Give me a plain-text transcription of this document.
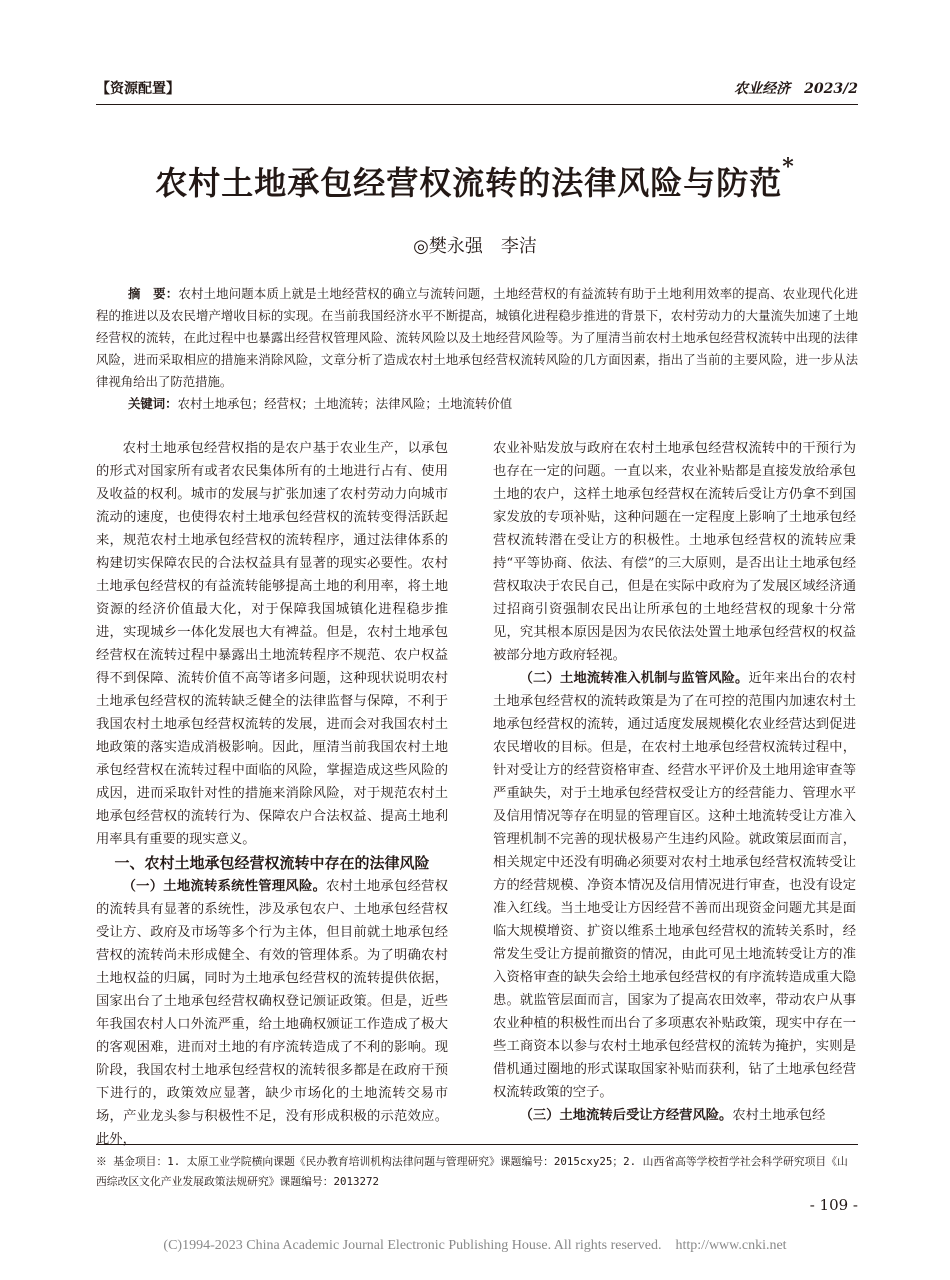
【资源配置】	农业经济　2023/2
农村土地承包经营权流转的法律风险与防范*
◎樊永强　李洁
摘　要：农村土地问题本质上就是土地经营权的确立与流转问题，土地经营权的有益流转有助于土地利用效率的提高、农业现代化进程的推进以及农民增产增收目标的实现。在当前我国经济水平不断提高，城镇化进程稳步推进的背景下，农村劳动力的大量流失加速了土地经营权的流转，在此过程中也暴露出经营权管理风险、流转风险以及土地经营风险等。为了厘清当前农村土地承包经营权流转中出现的法律风险，进而采取相应的措施来消除风险，文章分析了造成农村土地承包经营权流转风险的几方面因素，指出了当前的主要风险，进一步从法律视角给出了防范措施。
关键词：农村土地承包；经营权；土地流转；法律风险；土地流转价值

农村土地承包经营权指的是农户基于农业生产，以承包的形式对国家所有或者农民集体所有的土地进行占有、使用及收益的权利。城市的发展与扩张加速了农村劳动力向城市流动的速度，也使得农村土地承包经营权的流转变得活跃起来，规范农村土地承包经营权的流转程序，通过法律体系的构建切实保障农民的合法权益具有显著的现实必要性。农村土地承包经营权的有益流转能够提高土地的利用率，将土地资源的经济价值最大化，对于保障我国城镇化进程稳步推进，实现城乡一体化发展也大有裨益。但是，农村土地承包经营权在流转过程中暴露出土地流转程序不规范、农户权益得不到保障、流转价值不高等诸多问题，这种现状说明农村土地承包经营权的流转缺乏健全的法律监督与保障，不利于我国农村土地承包经营权流转的发展，进而会对我国农村土地政策的落实造成消极影响。因此，厘清当前我国农村土地承包经营权在流转过程中面临的风险，掌握造成这些风险的成因，进而采取针对性的措施来消除风险，对于规范农村土地承包经营权的流转行为、保障农户合法权益、提高土地利用率具有重要的现实意义。

一、农村土地承包经营权流转中存在的法律风险

（一）土地流转系统性管理风险。农村土地承包经营权的流转具有显著的系统性，涉及承包农户、土地承包经营权受让方、政府及市场等多个行为主体，但目前就土地承包经营权的流转尚未形成健全、有效的管理体系。为了明确农村土地权益的归属，同时为土地承包经营权的流转提供依据，国家出台了土地承包经营权确权登记颁证政策。但是，近些年我国农村人口外流严重，给土地确权颁证工作造成了极大的客观困难，进而对土地的有序流转造成了不利的影响。现阶段，我国农村土地承包经营权的流转很多都是在政府干预下进行的，政策效应显著，缺少市场化的土地流转交易市场，产业龙头参与积极性不足，没有形成积极的示范效应。此外，

农业补贴发放与政府在农村土地承包经营权流转中的干预行为也存在一定的问题。一直以来，农业补贴都是直接发放给承包土地的农户，这样土地承包经营权在流转后受让方仍拿不到国家发放的专项补贴，这种问题在一定程度上影响了土地承包经营权流转潜在受让方的积极性。土地承包经营权的流转应秉持“平等协商、依法、有偿”的三大原则，是否出让土地承包经营权取决于农民自己，但是在实际中政府为了发展区域经济通过招商引资强制农民出让所承包的土地经营权的现象十分常见，究其根本原因是因为农民依法处置土地承包经营权的权益被部分地方政府轻视。

（二）土地流转准入机制与监管风险。近年来出台的农村土地承包经营权的流转政策是为了在可控的范围内加速农村土地承包经营权的流转，通过适度发展规模化农业经营达到促进农民增收的目标。但是，在农村土地承包经营权流转过程中，针对受让方的经营资格审查、经营水平评价及土地用途审查等严重缺失，对于土地承包经营权受让方的经营能力、管理水平及信用情况等存在明显的管理盲区。这种土地流转受让方准入管理机制不完善的现状极易产生违约风险。就政策层面而言，相关规定中还没有明确必须要对农村土地承包经营权流转受让方的经营规模、净资本情况及信用情况进行审查，也没有设定准入红线。当土地受让方因经营不善而出现资金问题尤其是面临大规模增资、扩资以维系土地承包经营权的流转关系时，经常发生受让方提前撤资的情况，由此可见土地流转受让方的准入资格审查的缺失会给土地承包经营权的有序流转造成重大隐患。就监管层面而言，国家为了提高农田效率，带动农户从事农业种植的积极性而出台了多项惠农补贴政策，现实中存在一些工商资本以参与农村土地承包经营权的流转为掩护，实则是借机通过圈地的形式谋取国家补贴而获利，钻了土地承包经营权流转政策的空子。

（三）土地流转后受让方经营风险。农村土地承包经

※ 基金项目：1. 太原工业学院横向课题《民办教育培训机构法律问题与管理研究》课题编号：2015cxy25；2. 山西省高等学校哲学社会科学研究项目《山西综改区文化产业发展政策法规研究》课题编号：2013272
- 109 -
(C)1994-2023 China Academic Journal Electronic Publishing House. All rights reserved.　http://www.cnki.net
